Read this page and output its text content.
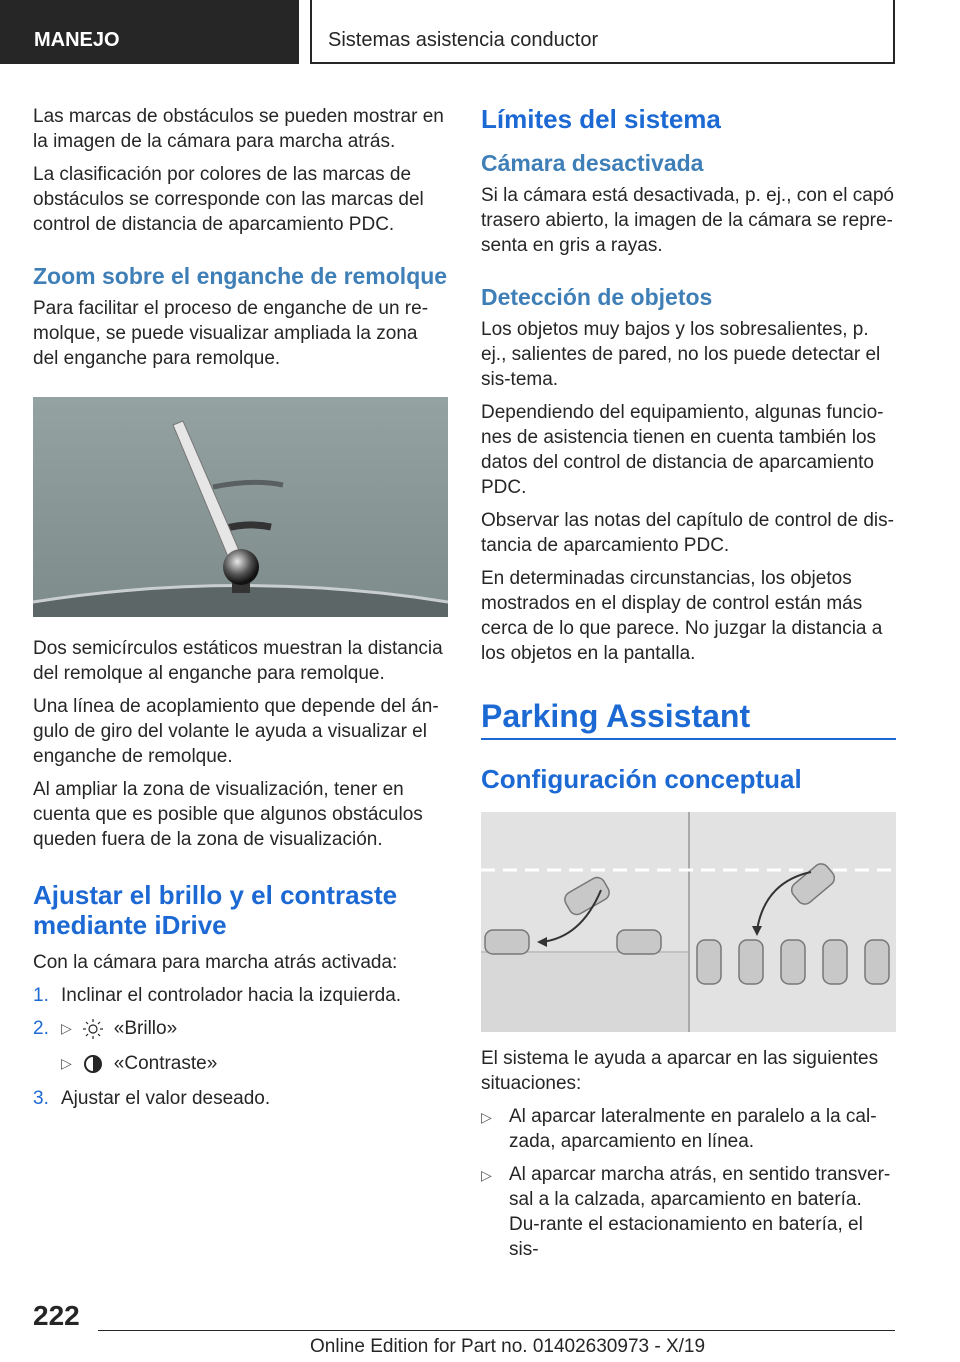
MANEJO	Sistemas asistencia conductor

Las marcas de obstáculos se pueden mostrar en la imagen de la cámara para marcha atrás.

La clasificación por colores de las marcas de obstáculos se corresponde con las marcas del control de distancia de aparcamiento PDC.

Zoom sobre el enganche de remolque

Para facilitar el proceso de enganche de un re-molque, se puede visualizar ampliada la zona del enganche para remolque.

Dos semicírculos estáticos muestran la distancia del remolque al enganche para remolque.

Una línea de acoplamiento que depende del án-gulo de giro del volante le ayuda a visualizar el enganche de remolque.

Al ampliar la zona de visualización, tener en cuenta que es posible que algunos obstáculos queden fuera de la zona de visualización.

Ajustar el brillo y el contraste mediante iDrive

Con la cámara para marcha atrás activada:

1. Inclinar el controlador hacia la izquierda.
2. ▷ «Brillo»
▷ «Contraste»
3. Ajustar el valor deseado.
Límites del sistema
Cámara desactivada

Si la cámara está desactivada, p. ej., con el capó trasero abierto, la imagen de la cámara se repre-senta en gris a rayas.

Detección de objetos

Los objetos muy bajos y los sobresalientes, p. ej., salientes de pared, no los puede detectar el sis-tema.

Dependiendo del equipamiento, algunas funcio-nes de asistencia tienen en cuenta también los datos del control de distancia de aparcamiento PDC.

Observar las notas del capítulo de control de dis-tancia de aparcamiento PDC.

En determinadas circunstancias, los objetos mostrados en el display de control están más cerca de lo que parece. No juzgar la distancia a los objetos en la pantalla.

Parking Assistant
Configuración conceptual

El sistema le ayuda a aparcar en las siguientes situaciones:

▷ Al aparcar lateralmente en paralelo a la cal-zada, aparcamiento en línea.
▷ Al aparcar marcha atrás, en sentido transver-sal a la calzada, aparcamiento en batería. Du-rante el estacionamiento en batería, el sis-
222
Online Edition for Part no. 01402630973 - X/19
